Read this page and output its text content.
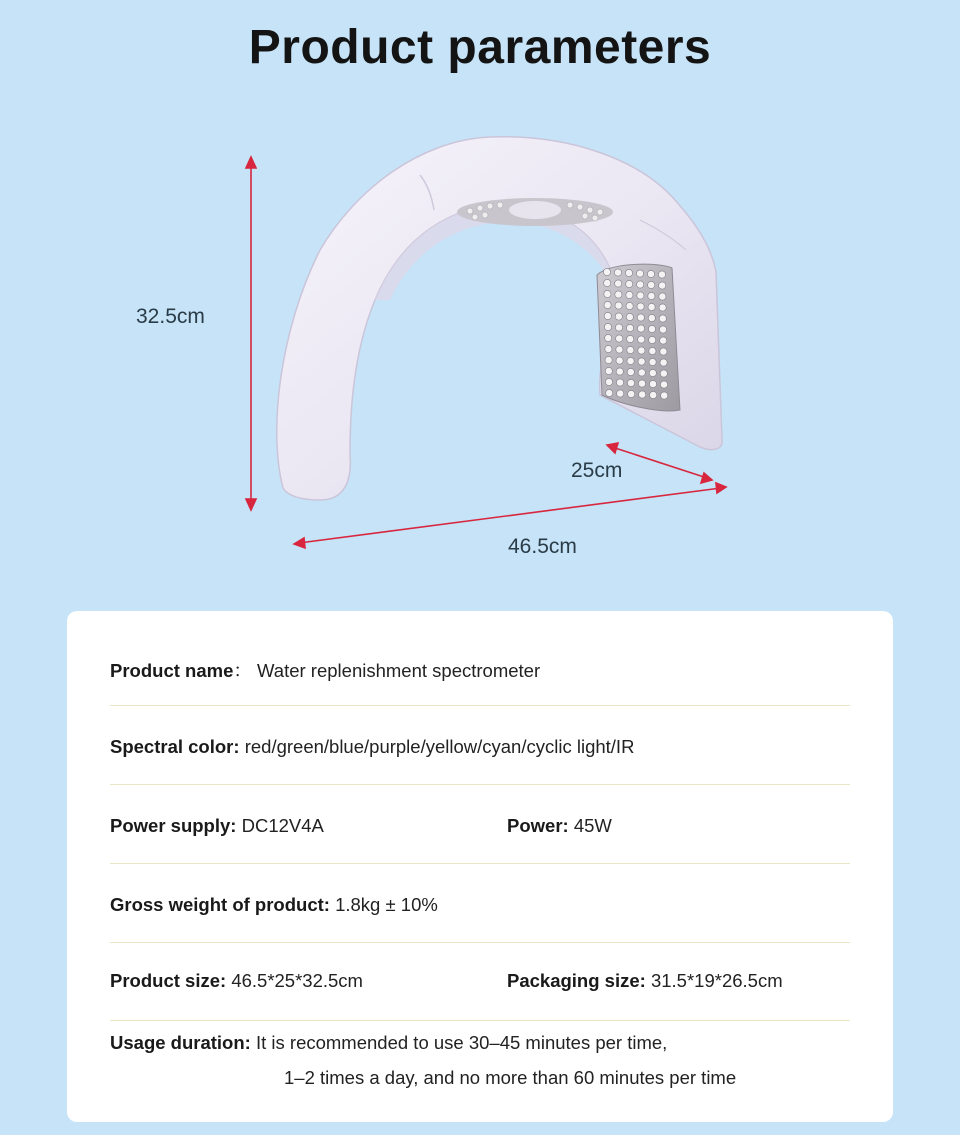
Product parameters
32.5cm
25cm
46.5cm
Product name： Water replenishment spectrometer
Spectral color: red/green/blue/purple/yellow/cyan/cyclic light/IR
Power supply: DC12V4A	Power: 45W
Gross weight of product: 1.8kg ± 10%
Product size: 46.5*25*32.5cm	Packaging size: 31.5*19*26.5cm
Usage duration: It is recommended to use 30–45 minutes per time,
1–2 times a day, and no more than 60 minutes per time
